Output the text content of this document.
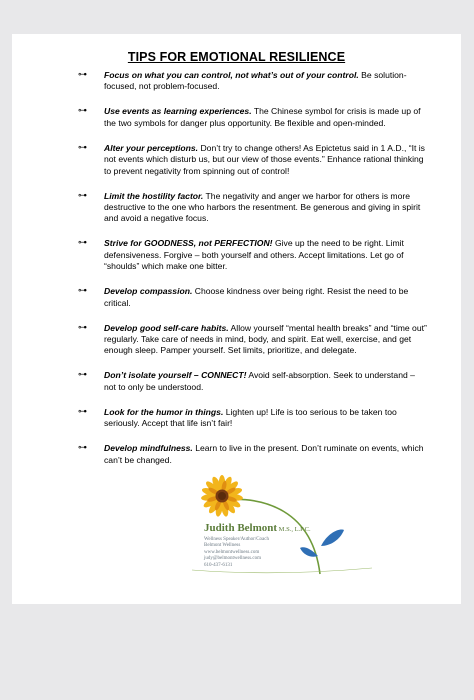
TIPS FOR EMOTIONAL RESILIENCE
⊶ Focus on what you can control, not what’s out of your control. Be solution-focused, not problem-focused.
⊶ Use events as learning experiences. The Chinese symbol for crisis is made up of the two symbols for danger plus opportunity. Be flexible and open-minded.
⊶ Alter your perceptions. Don’t try to change others! As Epictetus said in 1 A.D., “It is not events which disturb us, but our view of those events.” Enhance rational thinking to prevent negativity from spinning out of control!
⊶ Limit the hostility factor. The negativity and anger we harbor for others is more destructive to the one who harbors the resentment. Be generous and giving in spirit and avoid a negative focus.
⊶ Strive for GOODNESS, not PERFECTION! Give up the need to be right. Limit defensiveness. Forgive – both yourself and others. Accept limitations. Let go of “shoulds” which make one bitter.
⊶ Develop compassion. Choose kindness over being right. Resist the need to be critical.
⊶ Develop good self-care habits. Allow yourself “mental health breaks” and “time out” regularly. Take care of needs in mind, body, and spirit. Eat well, exercise, and get enough sleep. Pamper yourself. Set limits, prioritize, and delegate.
⊶ Don’t isolate yourself – CONNECT! Avoid self-absorption. Seek to understand – not to only be understood.
⊶ Look for the humor in things. Lighten up! Life is too serious to be taken too seriously. Accept that life isn’t fair!
⊶ Develop mindfulness. Learn to live in the present. Don’t ruminate on events, which can’t be changed.
Judith Belmont M.S., L.P.C.
Wellness Speaker/Author/Coach
Belmont Wellness
www.belmontwellness.com
judy@belmontwellness.com
610-437-6131
